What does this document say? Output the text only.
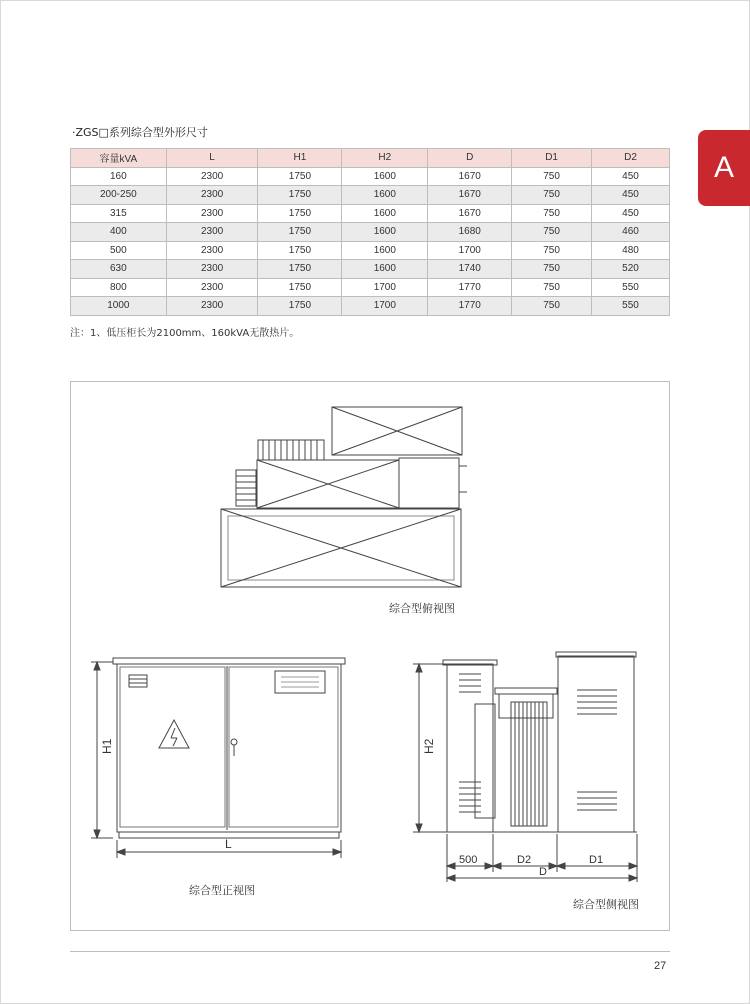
A
·ZGS□系列综合型外形尺寸
容量kVA	L	H1	H2	D	D1	D2
160	2300	1750	1600	1670	750	450
200-250	2300	1750	1600	1670	750	450
315	2300	1750	1600	1670	750	450
400	2300	1750	1600	1680	750	460
500	2300	1750	1600	1700	750	480
630	2300	1750	1600	1740	750	520
800	2300	1750	1700	1770	750	550
1000	2300	1750	1700	1770	750	550
注：1、低压柜长为2100mm、160kVA无散热片。
H1
L
H2
500	D2	D1
D
综合型俯视图
综合型正视图
综合型侧视图
27
